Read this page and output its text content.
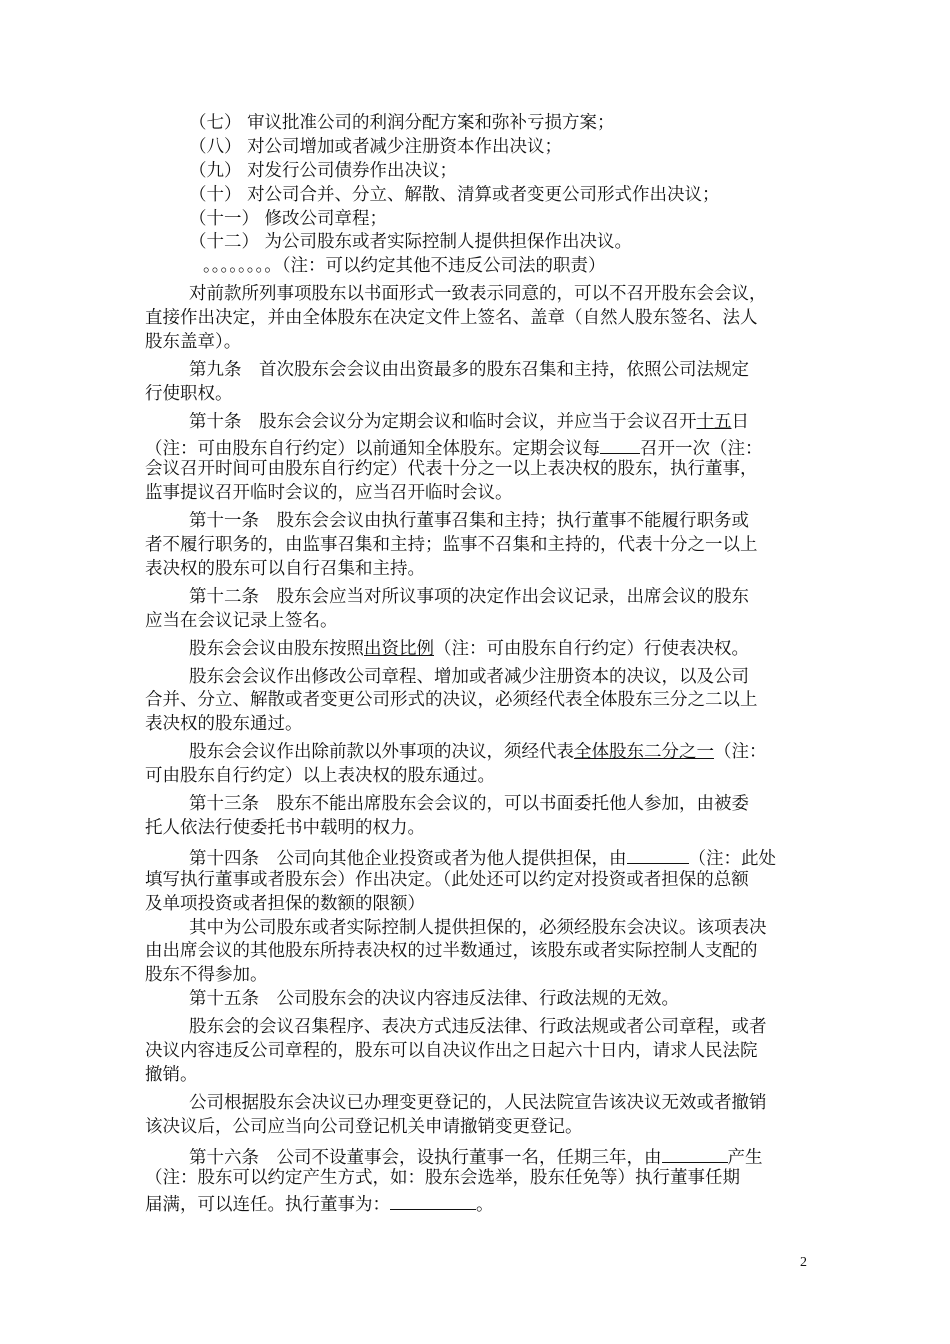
（七） 审议批准公司的利润分配方案和弥补亏损方案；
（八） 对公司增加或者减少注册资本作出决议；
（九） 对发行公司债券作出决议；
（十） 对公司合并、分立、解散、清算或者变更公司形式作出决议；
（十一） 修改公司章程；
（十二） 为公司股东或者实际控制人提供担保作出决议。
。。。。。。。。（注：可以约定其他不违反公司法的职责）
对前款所列事项股东以书面形式一致表示同意的，可以不召开股东会会议，
直接作出决定，并由全体股东在决定文件上签名、盖章（自然人股东签名、法人
股东盖章）。
第九条　首次股东会会议由出资最多的股东召集和主持，依照公司法规定
行使职权。
第十条　股东会会议分为定期会议和临时会议，并应当于会议召开十五日
（注：可由股东自行约定）以前通知全体股东。定期会议每 召开一次（注：
会议召开时间可由股东自行约定）代表十分之一以上表决权的股东，执行董事，
监事提议召开临时会议的，应当召开临时会议。
第十一条　股东会会议由执行董事召集和主持；执行董事不能履行职务或
者不履行职务的，由监事召集和主持；监事不召集和主持的，代表十分之一以上
表决权的股东可以自行召集和主持。
第十二条　股东会应当对所议事项的决定作出会议记录，出席会议的股东
应当在会议记录上签名。
股东会会议由股东按照出资比例（注：可由股东自行约定）行使表决权。
股东会会议作出修改公司章程、增加或者减少注册资本的决议，以及公司
合并、分立、解散或者变更公司形式的决议，必须经代表全体股东三分之二以上
表决权的股东通过。
股东会会议作出除前款以外事项的决议，须经代表全体股东二分之一（注：
可由股东自行约定）以上表决权的股东通过。
第十三条　股东不能出席股东会会议的，可以书面委托他人参加，由被委
托人依法行使委托书中载明的权力。
第十四条　公司向其他企业投资或者为他人提供担保，由	（注：此处
填写执行董事或者股东会）作出决定。（此处还可以约定对投资或者担保的总额
及单项投资或者担保的数额的限额）
其中为公司股东或者实际控制人提供担保的，必须经股东会决议。该项表决
由出席会议的其他股东所持表决权的过半数通过，该股东或者实际控制人支配的
股东不得参加。
第十五条　公司股东会的决议内容违反法律、行政法规的无效。
股东会的会议召集程序、表决方式违反法律、行政法规或者公司章程，或者
决议内容违反公司章程的，股东可以自决议作出之日起六十日内，请求人民法院
撤销。
公司根据股东会决议已办理变更登记的，人民法院宣告该决议无效或者撤销
该决议后，公司应当向公司登记机关申请撤销变更登记。
第十六条　公司不设董事会，设执行董事一名，任期三年，由	产生
（注：股东可以约定产生方式，如：股东会选举，股东任免等）执行董事任期
届满，可以连任。执行董事为：	。
2
